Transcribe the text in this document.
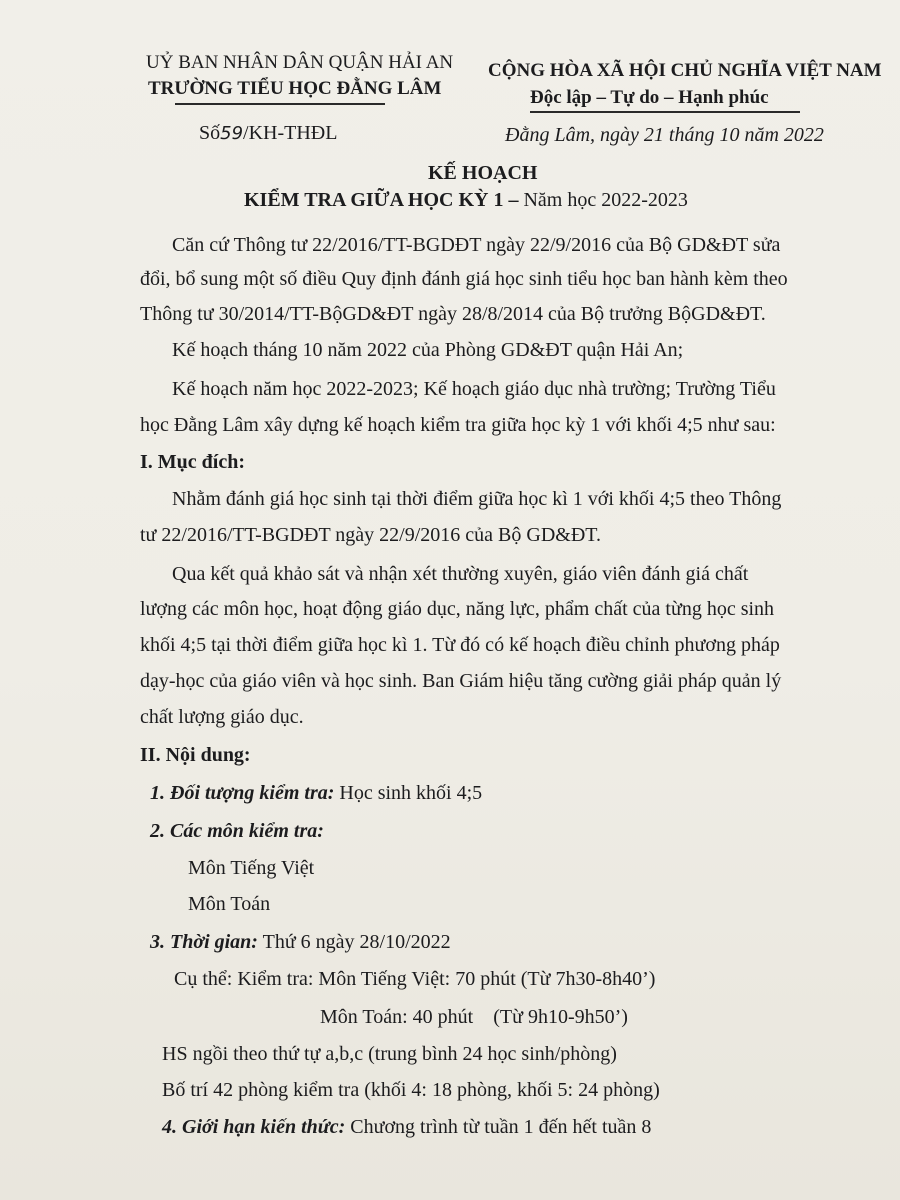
UỶ BAN NHÂN DÂN QUẬN HẢI AN
TRƯỜNG TIỂU HỌC ĐẰNG LÂM
CỘNG HÒA XÃ HỘI CHỦ NGHĨA VIỆT NAM
Độc lập – Tự do – Hạnh phúc
Số59/KH-THĐL	Đằng Lâm, ngày 21 tháng 10 năm 2022
KẾ HOẠCH
KIỂM TRA GIỮA HỌC KỲ 1 – Năm học 2022-2023
Căn cứ Thông tư 22/2016/TT-BGDĐT ngày 22/9/2016 của Bộ GD&ĐT sửa
đổi, bổ sung một số điều Quy định đánh giá học sinh tiểu học ban hành kèm theo
Thông tư 30/2014/TT-BộGD&ĐT ngày 28/8/2014 của Bộ trưởng BộGD&ĐT.
Kế hoạch tháng 10 năm 2022 của Phòng GD&ĐT quận Hải An;
Kế hoạch năm học 2022-2023; Kế hoạch giáo dục nhà trường; Trường Tiểu
học Đằng Lâm xây dựng kế hoạch kiểm tra giữa học kỳ 1 với khối 4;5 như sau:
I. Mục đích:
Nhằm đánh giá học sinh tại thời điểm giữa học kì 1 với khối 4;5 theo Thông
tư 22/2016/TT-BGDĐT ngày 22/9/2016 của Bộ GD&ĐT.
Qua kết quả khảo sát và nhận xét thường xuyên, giáo viên đánh giá chất
lượng các môn học, hoạt động giáo dục, năng lực, phẩm chất của từng học sinh
khối 4;5 tại thời điểm giữa học kì 1. Từ đó có kế hoạch điều chỉnh phương pháp
dạy-học của giáo viên và học sinh. Ban Giám hiệu tăng cường giải pháp quản lý
chất lượng giáo dục.
II. Nội dung:
1. Đối tượng kiểm tra: Học sinh khối 4;5
2. Các môn kiểm tra:
Môn Tiếng Việt
Môn Toán
3. Thời gian: Thứ 6 ngày 28/10/2022
Cụ thể: Kiểm tra: Môn Tiếng Việt: 70 phút (Từ 7h30-8h40’)
Môn Toán: 40 phút    (Từ 9h10-9h50’)
HS ngồi theo thứ tự a,b,c (trung bình 24 học sinh/phòng)
Bố trí 42 phòng kiểm tra (khối 4: 18 phòng, khối 5: 24 phòng)
4. Giới hạn kiến thức: Chương trình từ tuần 1 đến hết tuần 8
